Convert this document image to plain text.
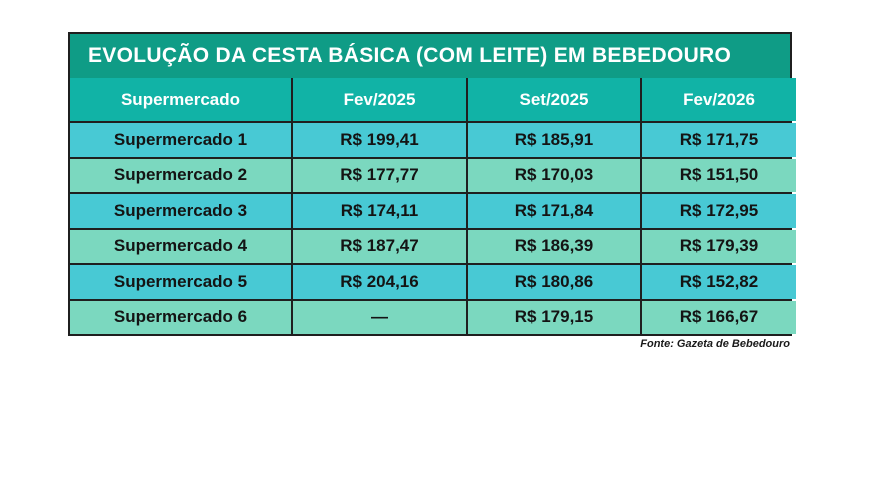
EVOLUÇÃO DA CESTA BÁSICA (COM LEITE) EM BEBEDOURO
Supermercado	Fev/2025	Set/2025	Fev/2026
Supermercado 1	R$ 199,41	R$ 185,91	R$ 171,75
Supermercado 2	R$ 177,77	R$ 170,03	R$ 151,50
Supermercado 3	R$ 174,11	R$ 171,84	R$ 172,95
Supermercado 4	R$ 187,47	R$ 186,39	R$ 179,39
Supermercado 5	R$ 204,16	R$ 180,86	R$ 152,82
Supermercado 6	—	R$ 179,15	R$ 166,67
Fonte: Gazeta de Bebedouro
